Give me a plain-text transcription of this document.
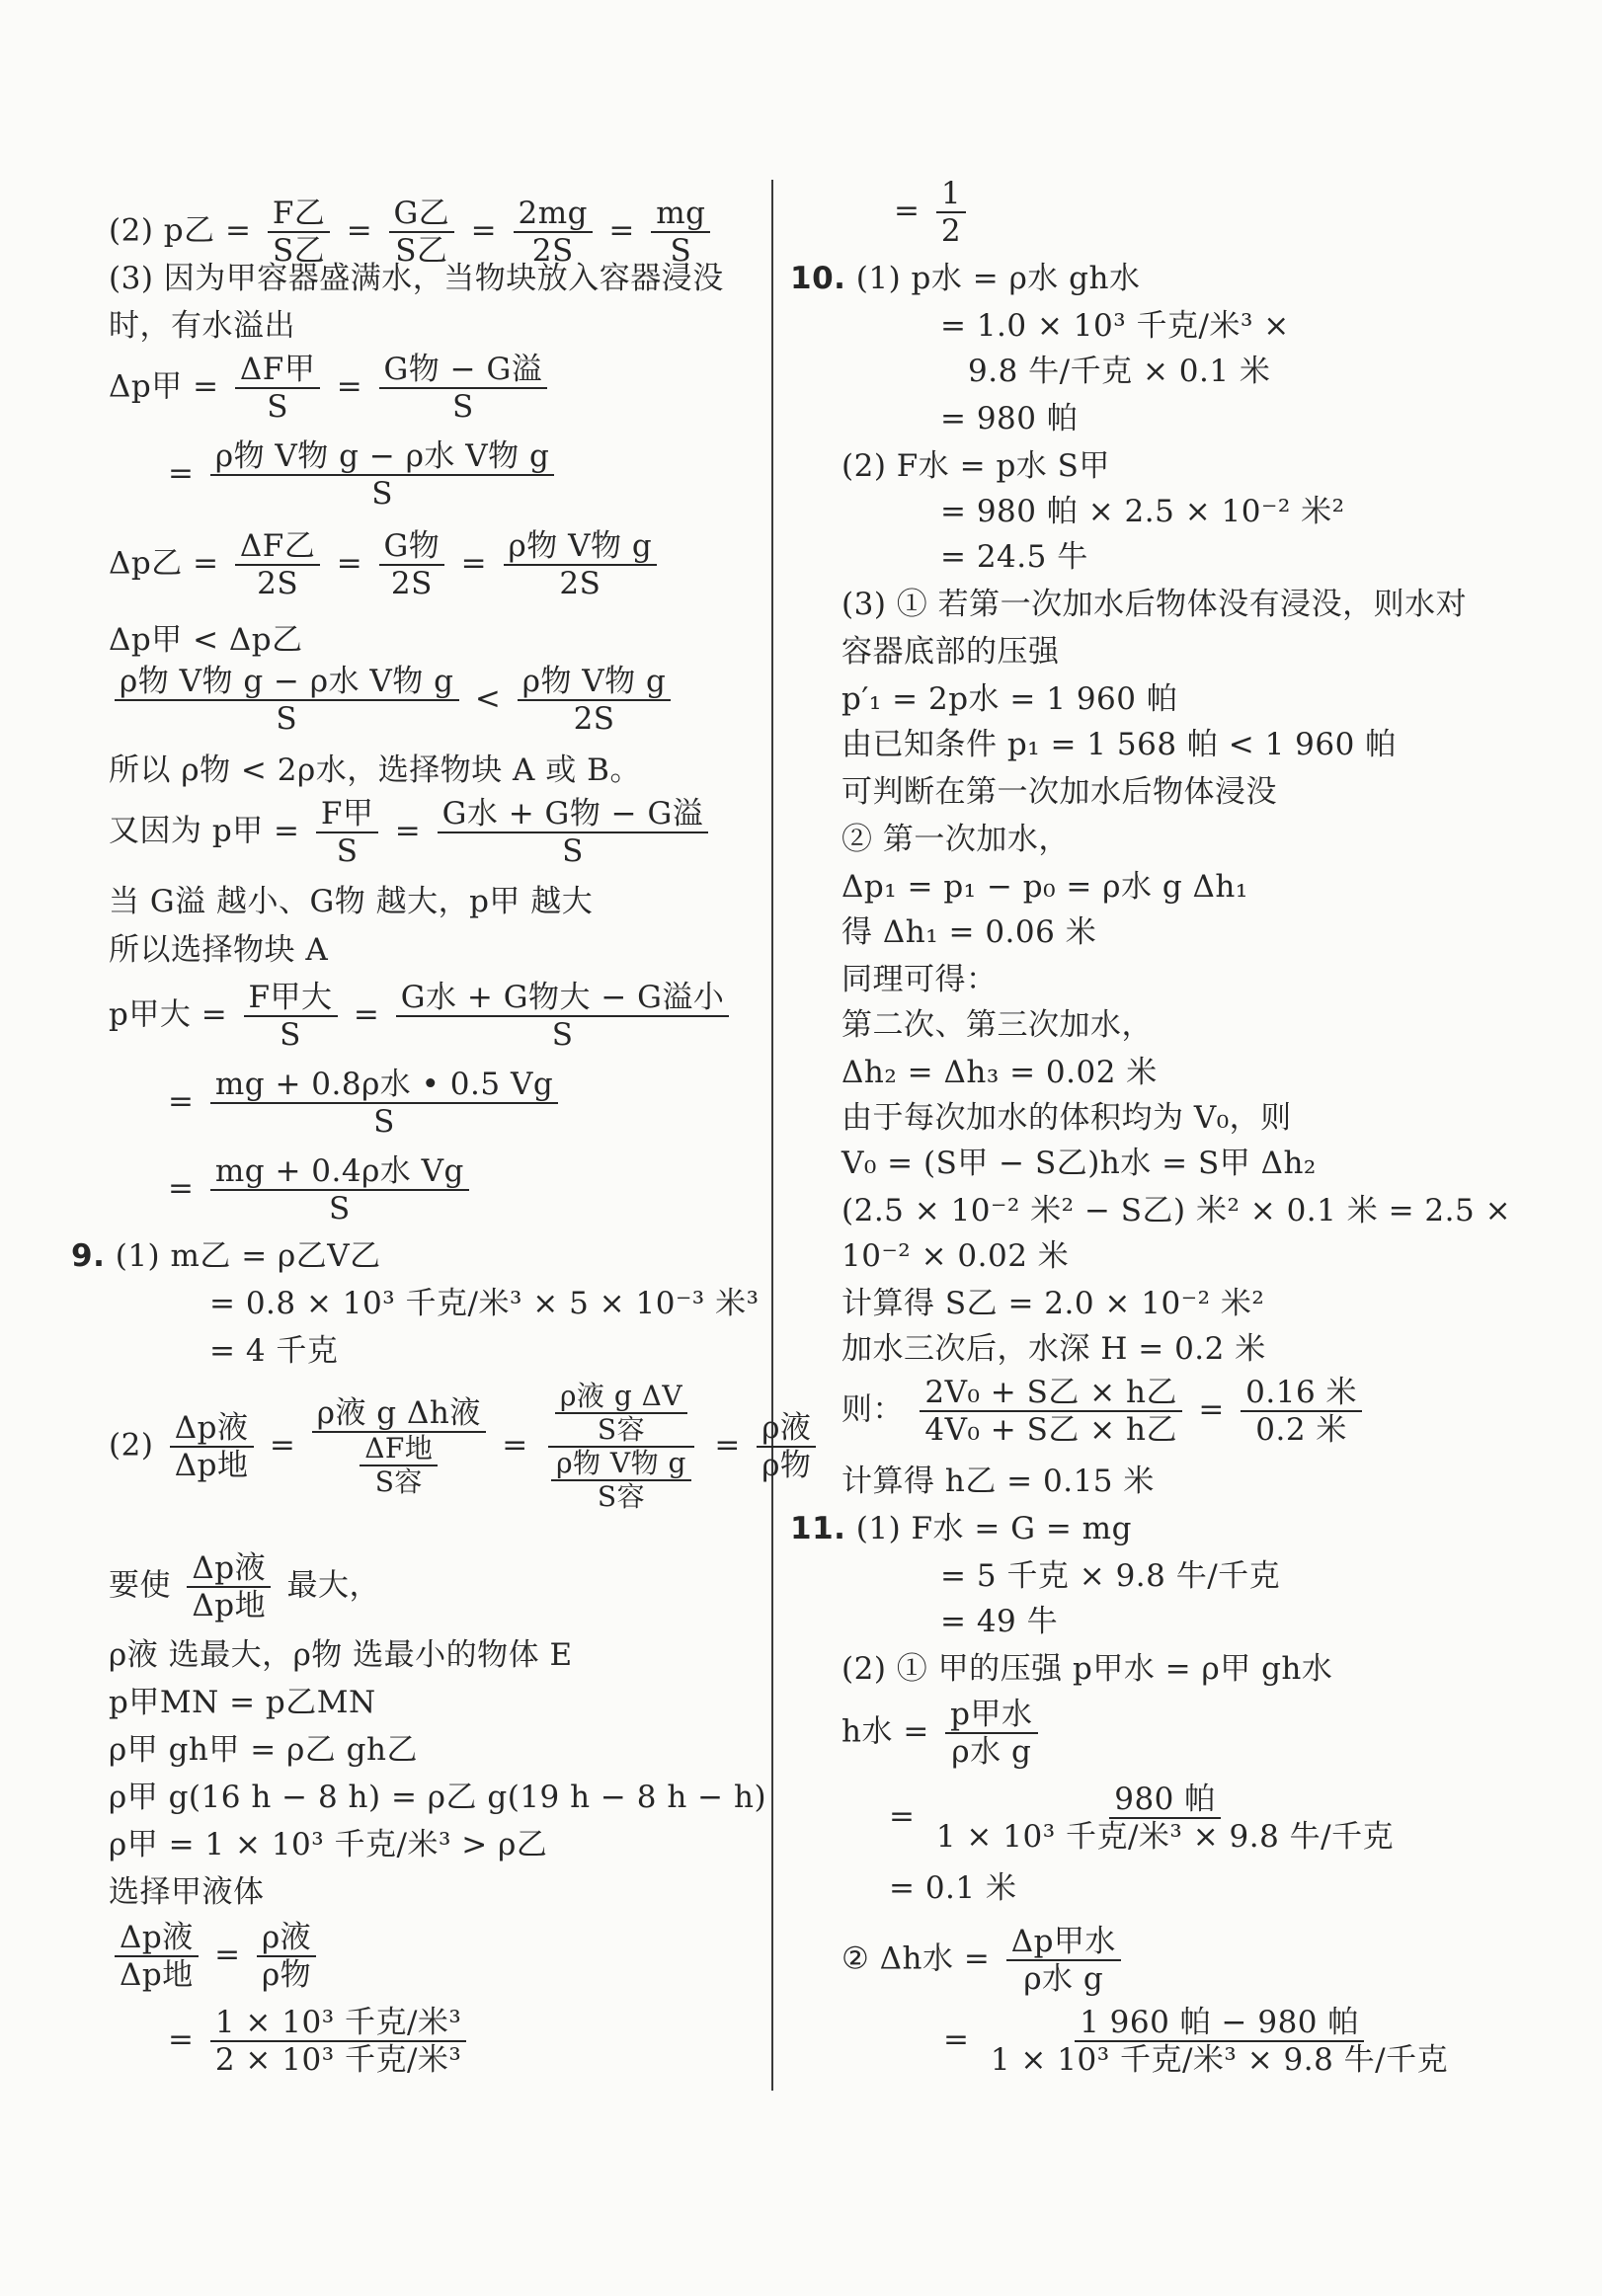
(2) p乙 = $\frac{\text{F乙}}{\text{S乙}} = \frac{\text{G乙}}{\text{S乙}} = \frac{2mg}{2S} = \frac{mg}{S}$
(3) 因为甲容器盛满水，当物块放入容器浸没
时，有水溢出
Δp甲 = $\frac{\text{ΔF甲}}{S} = \frac{\text{G物 − G溢}}{S}$
= $\frac{\text{ρ物 V物 g − ρ水 V物 g}}{S}$
Δp乙 = $\frac{\text{ΔF乙}}{2S} = \frac{\text{G物}}{2S} = \frac{\text{ρ物 V物 g}}{2S}$
Δp甲 < Δp乙
$\frac{\text{ρ物 V物 g − ρ水 V物 g}}{S} < \frac{\text{ρ物 V物 g}}{2S}$
所以 ρ物 < 2ρ水，选择物块 A 或 B。
又因为 p甲 = $\frac{\text{F甲}}{S} = \frac{\text{G水 + G物 − G溢}}{S}$
当 G溢 越小、G物 越大，p甲 越大
所以选择物块 A
p甲大 = $\frac{\text{F甲大}}{S} = \frac{\text{G水 + G物大 − G溢小}}{S}$
= $\frac{\text{mg + 0.8ρ水 • 0.5 Vg}}{S}$
= $\frac{\text{mg + 0.4ρ水 Vg}}{S}$
9. (1) m乙 = ρ乙V乙
= 0.8 × 10³ 千克/米³ × 5 × 10⁻³ 米³
= 4 千克
$(2) \frac{\text{Δp液}}{\text{Δp地}} = \frac{\text{ρ液 g Δh液}}{\frac{\text{ΔF地}}{\text{S容}}} = \frac{\frac{\text{ρ液 g ΔV}}{\text{S容}}}{\frac{\text{ρ物 V物 g}}{\text{S容}}} = \frac{\text{ρ液}}{\text{ρ物}}$
要使 $\frac{\text{Δp液}}{\text{Δp地}}$ 最大，
ρ液 选最大，ρ物 选最小的物体 E
p甲MN = p乙MN
ρ甲 gh甲 = ρ乙 gh乙
ρ甲 g(16 h − 8 h) = ρ乙 g(19 h − 8 h − h)
ρ甲 = 1 × 10³ 千克/米³ > ρ乙
选择甲液体
$\frac{\text{Δp液}}{\text{Δp地}} = \frac{\text{ρ液}}{\text{ρ物}}$
= $\frac{\text{1 × 10³ 千克/米³}}{\text{2 × 10³ 千克/米³}}$
= $\frac{1}{2}$
10. (1) p水 = ρ水 gh水
= 1.0 × 10³ 千克/米³ ×
9.8 牛/千克 × 0.1 米
= 980 帕
(2) F水 = p水 S甲
= 980 帕 × 2.5 × 10⁻² 米²
= 24.5 牛
(3) ① 若第一次加水后物体没有浸没，则水对
容器底部的压强
p′₁ = 2p水 = 1 960 帕
由已知条件 p₁ = 1 568 帕 < 1 960 帕
可判断在第一次加水后物体浸没
② 第一次加水，
Δp₁ = p₁ − p₀ = ρ水 g Δh₁
得 Δh₁ = 0.06 米
同理可得：
第二次、第三次加水，
Δh₂ = Δh₃ = 0.02 米
由于每次加水的体积均为 V₀，则
V₀ = (S甲 − S乙)h水 = S甲 Δh₂
(2.5 × 10⁻² 米² − S乙) 米² × 0.1 米 = 2.5 ×
10⁻² × 0.02 米
计算得 S乙 = 2.0 × 10⁻² 米²
加水三次后，水深 H = 0.2 米
则： $\frac{\text{2V₀ + S乙 × h乙}}{\text{4V₀ + S乙 × h乙}} = \frac{\text{0.16 米}}{\text{0.2 米}}$
计算得 h乙 = 0.15 米
11. (1) F水 = G = mg
= 5 千克 × 9.8 牛/千克
= 49 牛
(2) ① 甲的压强 p甲水 = ρ甲 gh水
h水 = $\frac{\text{p甲水}}{\text{ρ水 g}}$
= $\frac{\text{980 帕}}{\text{1 × 10³ 千克/米³ × 9.8 牛/千克}}$
= 0.1 米
② Δh水 = $\frac{\text{Δp甲水}}{\text{ρ水 g}}$
= $\frac{\text{1 960 帕 − 980 帕}}{\text{1 × 10³ 千克/米³ × 9.8 牛/千克}}$
